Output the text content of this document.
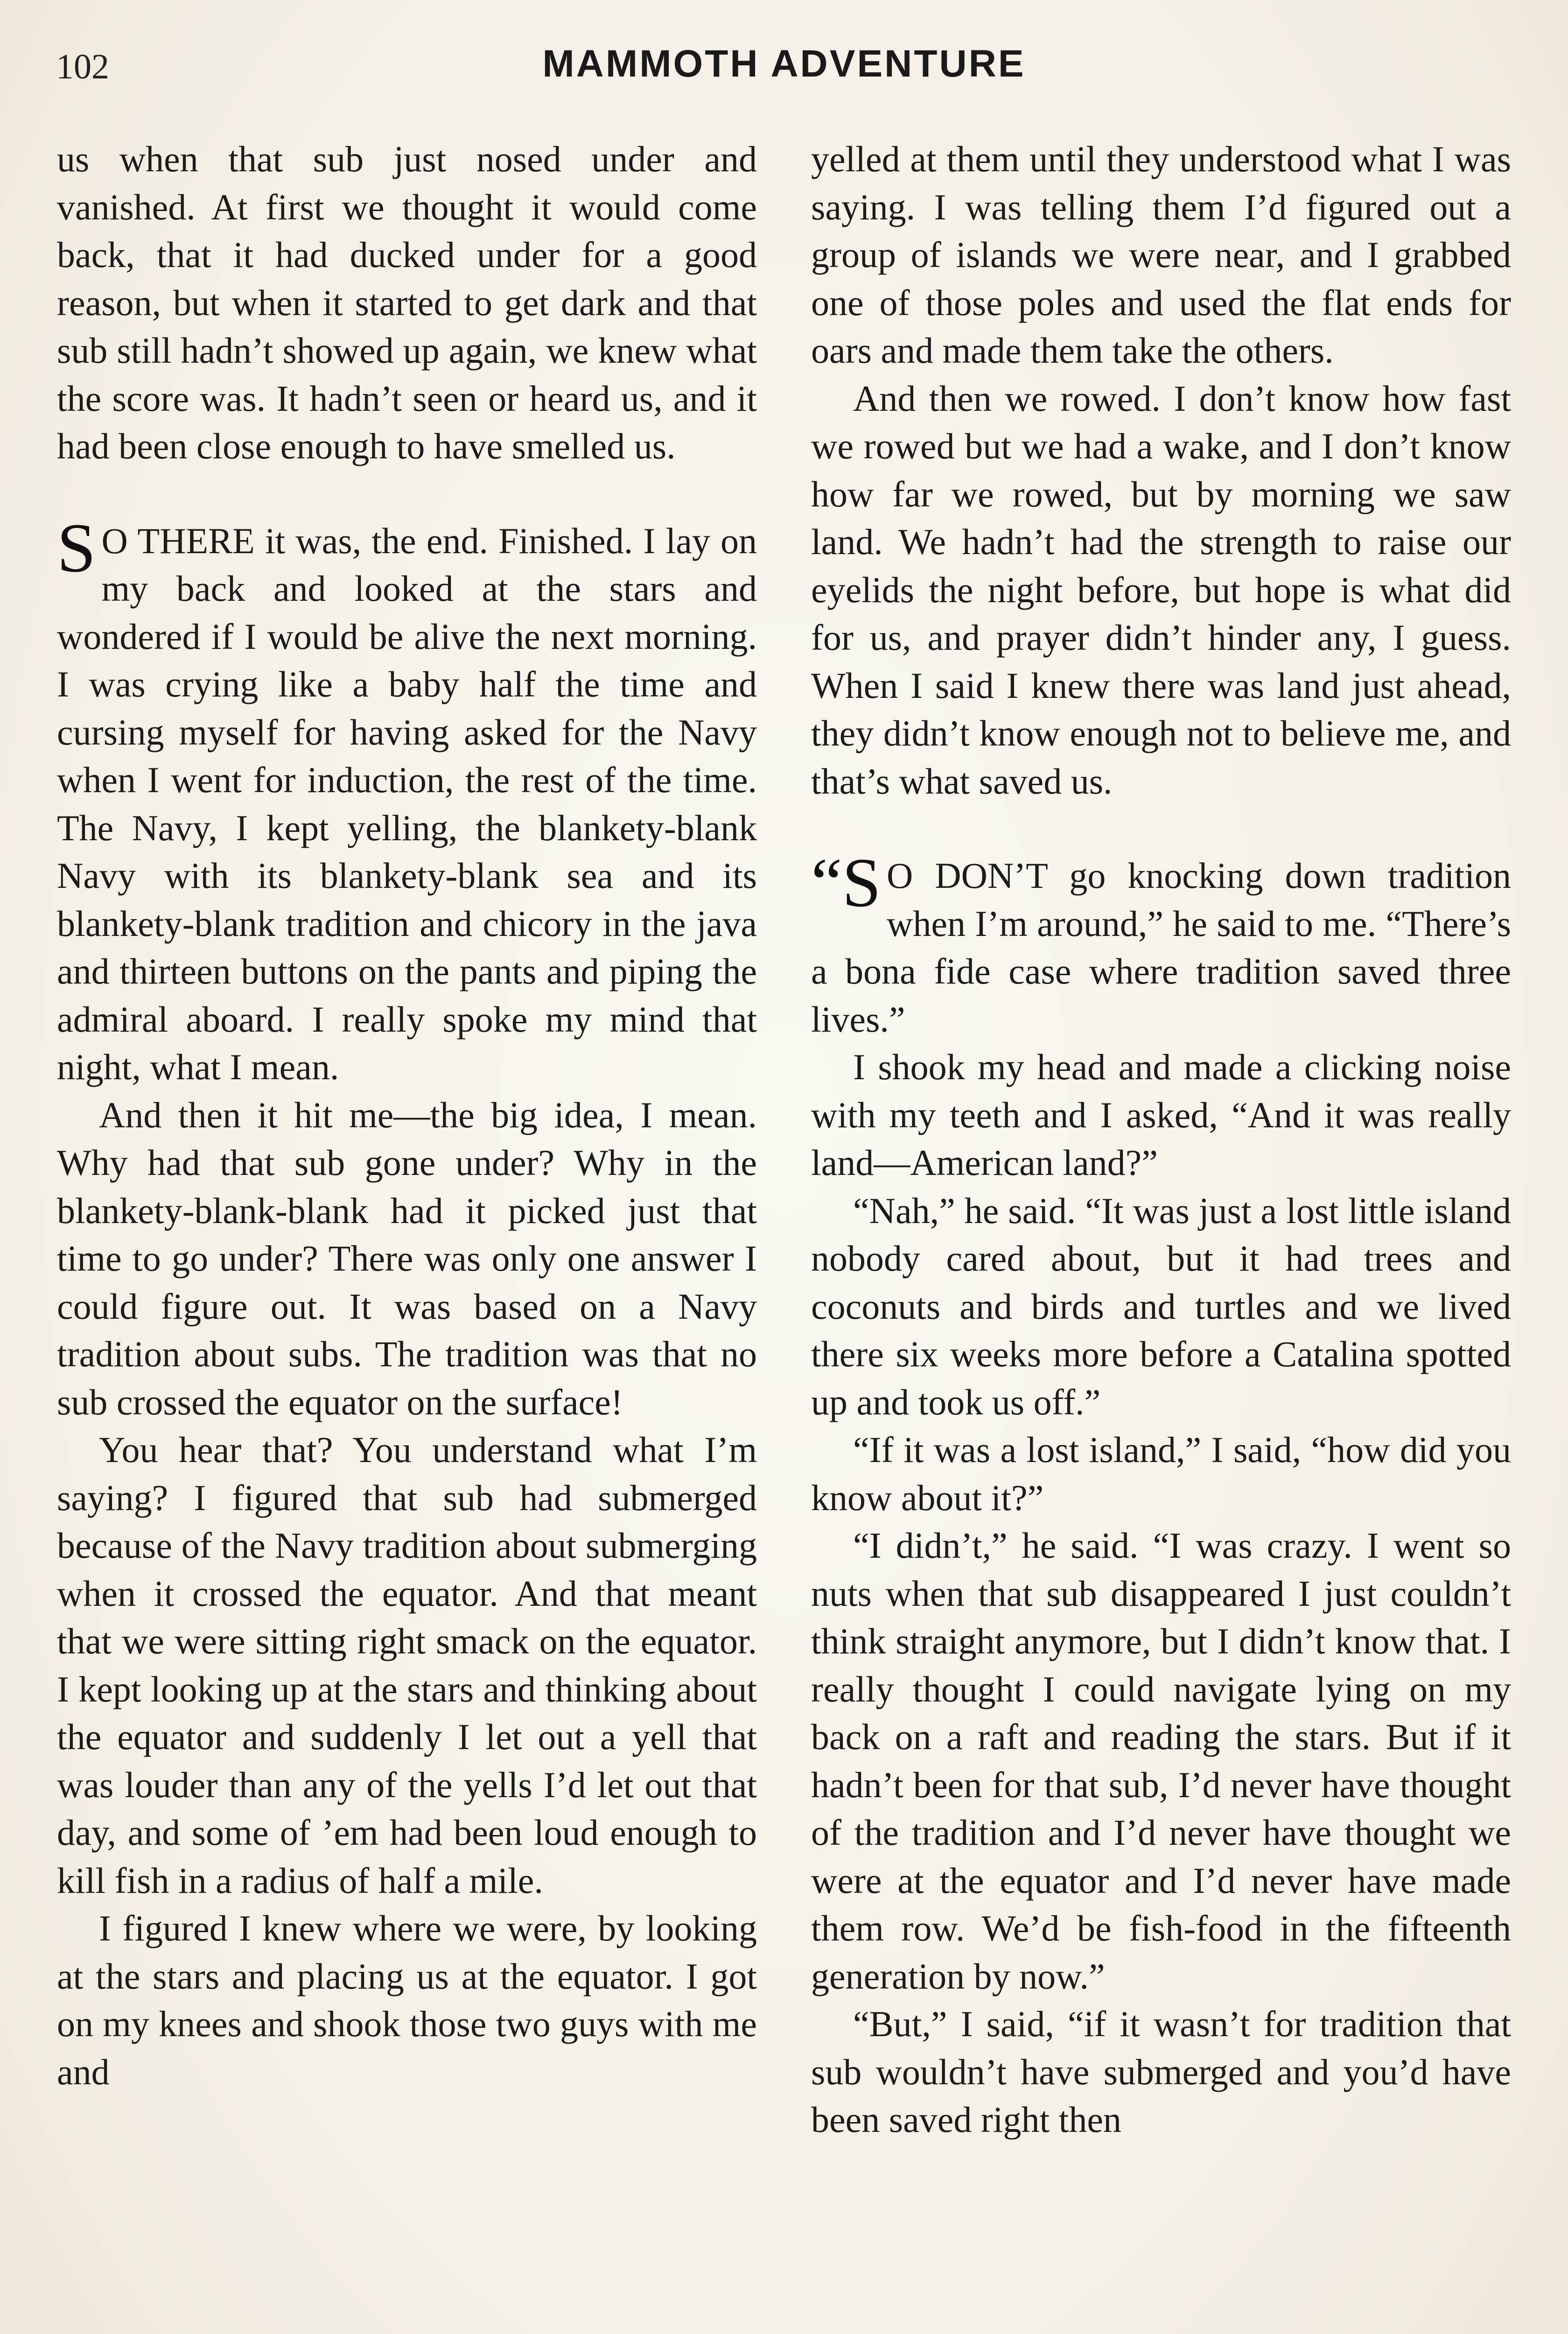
102	MAMMOTH ADVENTURE

us when that sub just nosed under and vanished. At first we thought it would come back, that it had ducked under for a good reason, but when it started to get dark and that sub still hadn’t showed up again, we knew what the score was. It hadn’t seen or heard us, and it had been close enough to have smelled us.

S O THERE it was, the end. Finished. I lay on my back and looked at the stars and wondered if I would be alive the next morning. I was crying like a baby half the time and cursing myself for having asked for the Navy when I went for induction, the rest of the time. The Navy, I kept yelling, the blankety-blank Navy with its blankety-blank sea and its blankety-blank tradition and chicory in the java and thirteen buttons on the pants and piping the admiral aboard. I really spoke my mind that night, what I mean.

And then it hit me—the big idea, I mean. Why had that sub gone under? Why in the blankety-blank-blank had it picked just that time to go under? There was only one answer I could figure out. It was based on a Navy tradition about subs. The tradition was that no sub crossed the equator on the surface!

You hear that? You understand what I’m saying? I figured that sub had submerged because of the Navy tradition about submerging when it crossed the equator. And that meant that we were sitting right smack on the equator. I kept looking up at the stars and thinking about the equator and suddenly I let out a yell that was louder than any of the yells I’d let out that day, and some of ’em had been loud enough to kill fish in a radius of half a mile.

I figured I knew where we were, by looking at the stars and placing us at the equator. I got on my knees and shook those two guys with me and

yelled at them until they understood what I was saying. I was telling them I’d figured out a group of islands we were near, and I grabbed one of those poles and used the flat ends for oars and made them take the others.

And then we rowed. I don’t know how fast we rowed but we had a wake, and I don’t know how far we rowed, but by morning we saw land. We hadn’t had the strength to raise our eyelids the night before, but hope is what did for us, and prayer didn’t hinder any, I guess. When I said I knew there was land just ahead, they didn’t know enough not to believe me, and that’s what saved us.

“S O DON’T go knocking down tradition when I’m around,” he said to me. “There’s a bona fide case where tradition saved three lives.”

I shook my head and made a clicking noise with my teeth and I asked, “And it was really land—American land?”

“Nah,” he said. “It was just a lost little island nobody cared about, but it had trees and coconuts and birds and turtles and we lived there six weeks more before a Catalina spotted up and took us off.”

“If it was a lost island,” I said, “how did you know about it?”

“I didn’t,” he said. “I was crazy. I went so nuts when that sub disappeared I just couldn’t think straight anymore, but I didn’t know that. I really thought I could navigate lying on my back on a raft and reading the stars. But if it hadn’t been for that sub, I’d never have thought of the tradition and I’d never have thought we were at the equator and I’d never have made them row. We’d be fish-food in the fifteenth generation by now.”

“But,” I said, “if it wasn’t for tradition that sub wouldn’t have submerged and you’d have been saved right then
